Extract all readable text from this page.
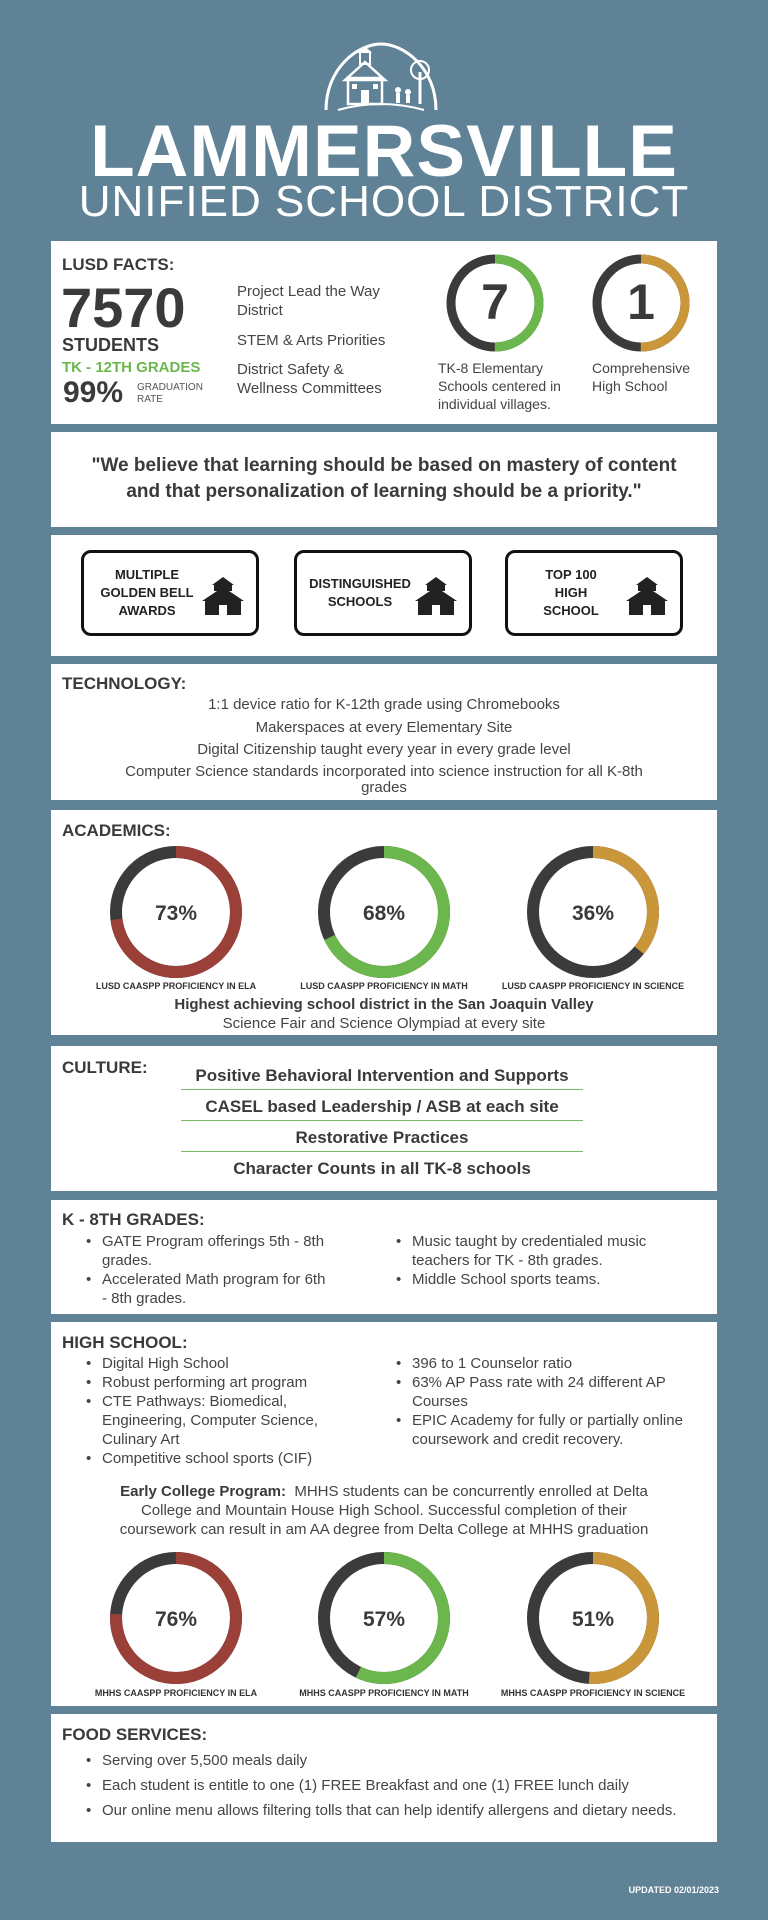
LAMMERSVILLE
UNIFIED SCHOOL DISTRICT
LUSD FACTS:
7570
STUDENTS
TK - 12TH GRADES
99% GRADUATION
RATE
Project Lead the Way District
STEM & Arts Priorities
District Safety & Wellness Committees
7
TK-8 Elementary
Schools centered in
individual villages.
1
Comprehensive
High School
"We believe that learning should be based on mastery of content
and that personalization of learning should be a priority."
MULTIPLE
GOLDEN BELL
AWARDS
DISTINGUISHED
SCHOOLS
TOP 100
HIGH
SCHOOL
TECHNOLOGY:
1:1 device ratio for K-12th grade using Chromebooks
Makerspaces at every Elementary Site
Digital Citizenship taught every year in every grade level
Computer Science standards incorporated into science instruction for all K-8th
grades
ACADEMICS:
73%
LUSD CAASPP PROFICIENCY IN ELA
68%
LUSD CAASPP PROFICIENCY IN MATH
36%
LUSD CAASPP PROFICIENCY IN SCIENCE
Highest achieving school district in the San Joaquin Valley
Science Fair and Science Olympiad at every site
CULTURE:	Positive Behavioral Intervention and Supports
CASEL based Leadership / ASB at each site
Restorative Practices
Character Counts in all TK-8 schools
K - 8TH GRADES:
• GATE Program offerings 5th - 8th grades.
• Accelerated Math program for 6th - 8th grades.
• Music taught by credentialed music teachers for TK - 8th grades.
• Middle School sports teams.
HIGH SCHOOL:
• Digital High School
• Robust performing art program
• CTE Pathways: Biomedical, Engineering, Computer Science, Culinary Art
• Competitive school sports (CIF)
• 396 to 1 Counselor ratio
• 63% AP Pass rate with 24 different AP Courses
• EPIC Academy for fully or partially online coursework and credit recovery.
Early College Program: MHHS students can be concurrently enrolled at Delta
College and Mountain House High School. Successful completion of their
coursework can result in am AA degree from Delta College at MHHS graduation
76%
MHHS CAASPP PROFICIENCY IN ELA
57%
MHHS CAASPP PROFICIENCY IN MATH
51%
MHHS CAASPP PROFICIENCY IN SCIENCE
FOOD SERVICES:
• Serving over 5,500 meals daily
• Each student is entitle to one (1) FREE Breakfast and one (1) FREE lunch daily
• Our online menu allows filtering tolls that can help identify allergens and dietary needs.
UPDATED 02/01/2023
